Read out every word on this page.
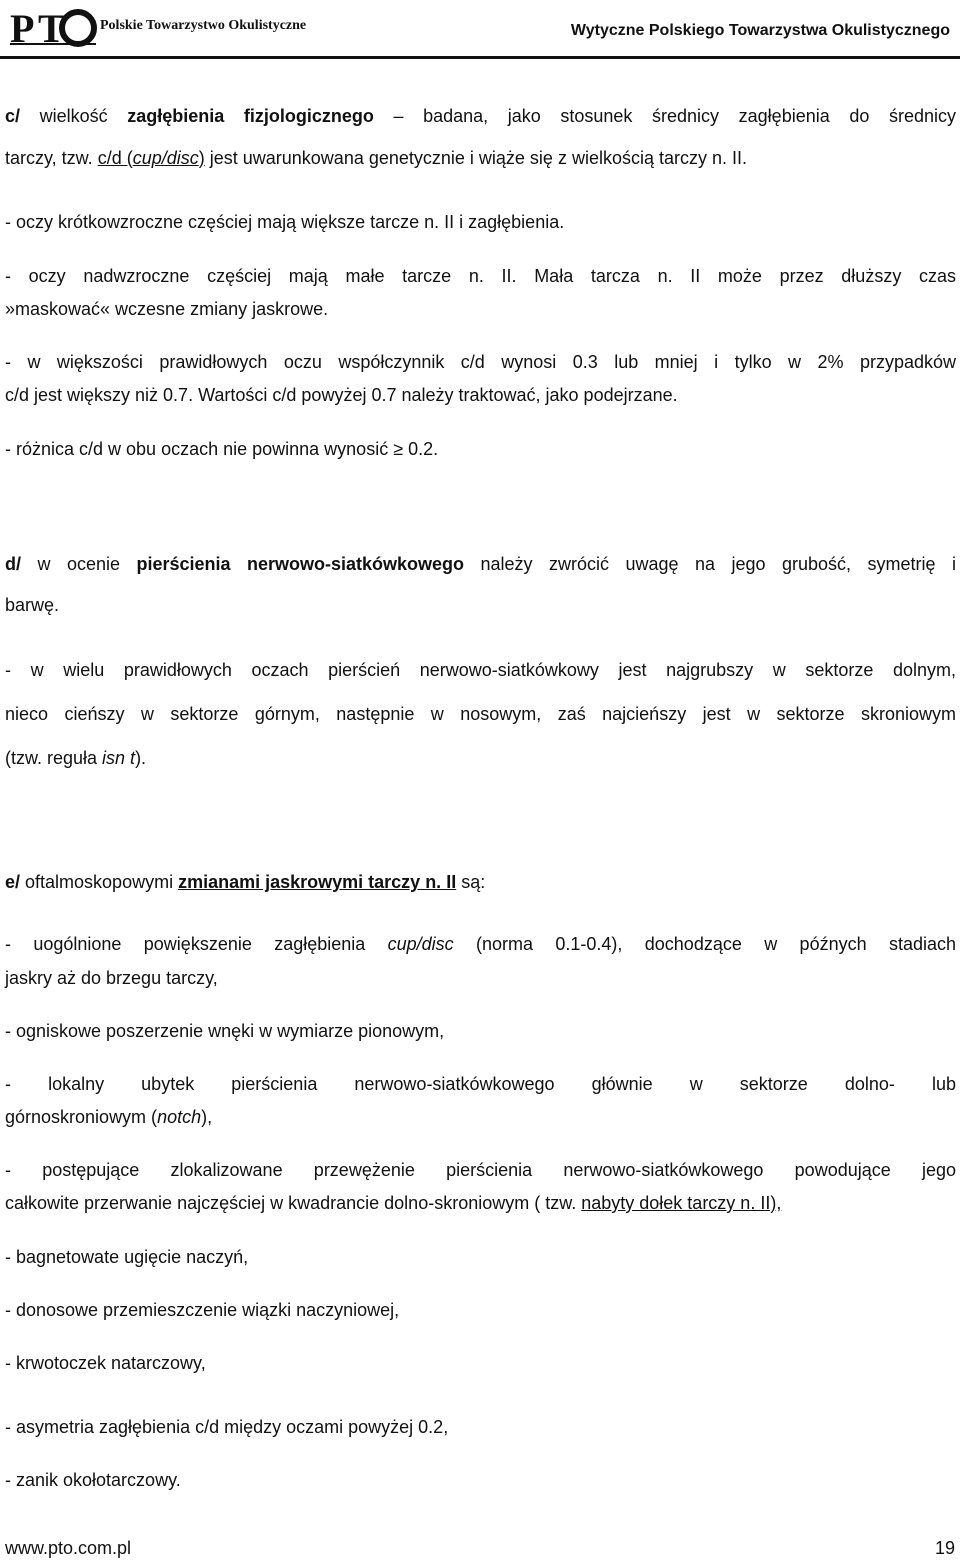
P T	Polskie Towarzystwo Okulistyczne	Wytyczne Polskiego Towarzystwa Okulistycznego
c/ wielkość zagłębienia fizjologicznego – badana, jako stosunek średnicy zagłębienia do średnicy
tarczy, tzw. c/d (cup/disc) jest uwarunkowana genetycznie i wiąże się z wielkością tarczy n. II.
- oczy krótkowzroczne częściej mają większe tarcze n. II i zagłębienia.
- oczy nadwzroczne częściej mają małe tarcze n. II. Mała tarcza n. II może przez dłuższy czas
»maskować« wczesne zmiany jaskrowe.
- w większości prawidłowych oczu współczynnik c/d wynosi 0.3 lub mniej i tylko w 2% przypadków
c/d jest większy niż 0.7. Wartości c/d powyżej 0.7 należy traktować, jako podejrzane.
- różnica c/d w obu oczach nie powinna wynosić ≥ 0.2.
d/ w ocenie pierścienia nerwowo-siatkówkowego należy zwrócić uwagę na jego grubość, symetrię i
barwę.
- w wielu prawidłowych oczach pierścień nerwowo-siatkówkowy jest najgrubszy w sektorze dolnym,
nieco cieńszy w sektorze górnym, następnie w nosowym, zaś najcieńszy jest w sektorze skroniowym
(tzw. reguła isn t).
e/ oftalmoskopowymi zmianami jaskrowymi tarczy n. II są:
- uogólnione powiększenie zagłębienia cup/disc (norma 0.1-0.4), dochodzące w późnych stadiach
jaskry aż do brzegu tarczy,
- ogniskowe poszerzenie wnęki w wymiarze pionowym,
- lokalny ubytek pierścienia nerwowo-siatkówkowego głównie w sektorze dolno- lub
górnoskroniowym (notch),
- postępujące zlokalizowane przewężenie pierścienia nerwowo-siatkówkowego powodujące jego
całkowite przerwanie najczęściej w kwadrancie dolno-skroniowym ( tzw. nabyty dołek tarczy n. II),
- bagnetowate ugięcie naczyń,
- donosowe przemieszczenie wiązki naczyniowej,
- krwotoczek natarczowy,
- asymetria zagłębienia c/d między oczami powyżej 0.2,
- zanik okołotarczowy.
www.pto.com.pl	19
